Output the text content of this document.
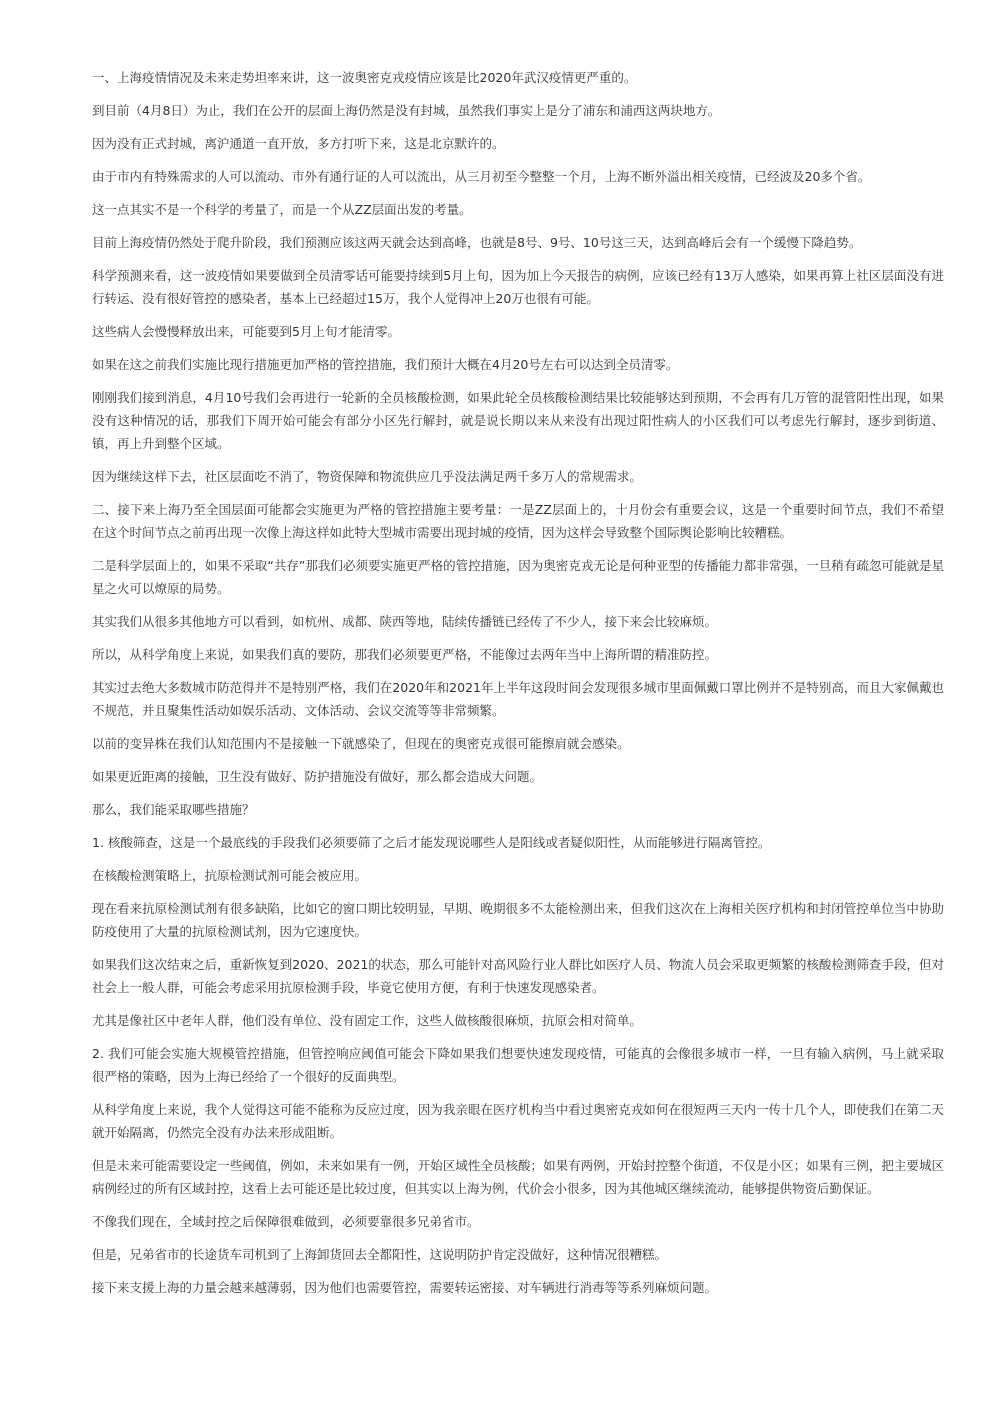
一、上海疫情情况及未来走势坦率来讲，这一波奥密克戎疫情应该是比2020年武汉疫情更严重的。

到目前（4月8日）为止，我们在公开的层面上海仍然是没有封城，虽然我们事实上是分了浦东和浦西这两块地方。

因为没有正式封城，离沪通道一直开放，多方打听下来，这是北京默许的。

由于市内有特殊需求的人可以流动、市外有通行证的人可以流出，从三月初至今整整一个月，上海不断外溢出相关疫情，已经波及20多个省。

这一点其实不是一个科学的考量了，而是一个从ZZ层面出发的考量。

目前上海疫情仍然处于爬升阶段，我们预测应该这两天就会达到高峰，也就是8号、9号、10号这三天，达到高峰后会有一个缓慢下降趋势。

科学预测来看，这一波疫情如果要做到全员清零话可能要持续到5月上旬，因为加上今天报告的病例，应该已经有13万人感染，如果再算上社区层面没有进行转运、没有很好管控的感染者，基本上已经超过15万，我个人觉得冲上20万也很有可能。

这些病人会慢慢释放出来，可能要到5月上旬才能清零。

如果在这之前我们实施比现行措施更加严格的管控措施，我们预计大概在4月20号左右可以达到全员清零。

刚刚我们接到消息，4月10号我们会再进行一轮新的全员核酸检测，如果此轮全员核酸检测结果比较能够达到预期，不会再有几万管的混管阳性出现，如果没有这种情况的话，那我们下周开始可能会有部分小区先行解封，就是说长期以来从来没有出现过阳性病人的小区我们可以考虑先行解封，逐步到街道、镇，再上升到整个区域。

因为继续这样下去，社区层面吃不消了，物资保障和物流供应几乎没法满足两千多万人的常规需求。

二、接下来上海乃至全国层面可能都会实施更为严格的管控措施主要考量：一是ZZ层面上的，十月份会有重要会议，这是一个重要时间节点，我们不希望在这个时间节点之前再出现一次像上海这样如此特大型城市需要出现封城的疫情，因为这样会导致整个国际舆论影响比较糟糕。

二是科学层面上的，如果不采取“共存”那我们必须要实施更严格的管控措施，因为奥密克戎无论是何种亚型的传播能力都非常强，一旦稍有疏忽可能就是星星之火可以燎原的局势。

其实我们从很多其他地方可以看到，如杭州、成都、陕西等地，陆续传播链已经传了不少人，接下来会比较麻烦。

所以，从科学角度上来说，如果我们真的要防，那我们必须要更严格，不能像过去两年当中上海所谓的精准防控。

其实过去绝大多数城市防范得并不是特别严格，我们在2020年和2021年上半年这段时间会发现很多城市里面佩戴口罩比例并不是特别高，而且大家佩戴也不规范，并且聚集性活动如娱乐活动、文体活动、会议交流等等非常频繁。

以前的变异株在我们认知范围内不是接触一下就感染了，但现在的奥密克戎很可能擦肩就会感染。

如果更近距离的接触，卫生没有做好、防护措施没有做好，那么都会造成大问题。

那么，我们能采取哪些措施？

1. 核酸筛查，这是一个最底线的手段我们必须要筛了之后才能发现说哪些人是阳线或者疑似阳性，从而能够进行隔离管控。

在核酸检测策略上，抗原检测试剂可能会被应用。

现在看来抗原检测试剂有很多缺陷，比如它的窗口期比较明显，早期、晚期很多不太能检测出来，但我们这次在上海相关医疗机构和封闭管控单位当中协助防疫使用了大量的抗原检测试剂，因为它速度快。

如果我们这次结束之后，重新恢复到2020、2021的状态，那么可能针对高风险行业人群比如医疗人员、物流人员会采取更频繁的核酸检测筛查手段，但对社会上一般人群，可能会考虑采用抗原检测手段，毕竟它使用方便，有利于快速发现感染者。

尤其是像社区中老年人群，他们没有单位、没有固定工作，这些人做核酸很麻烦，抗原会相对简单。

2. 我们可能会实施大规模管控措施，但管控响应阈值可能会下降如果我们想要快速发现疫情，可能真的会像很多城市一样，一旦有输入病例，马上就采取很严格的策略，因为上海已经给了一个很好的反面典型。

从科学角度上来说，我个人觉得这可能不能称为反应过度，因为我亲眼在医疗机构当中看过奥密克戎如何在很短两三天内一传十几个人，即使我们在第二天就开始隔离，仍然完全没有办法来形成阻断。

但是未来可能需要设定一些阈值，例如，未来如果有一例，开始区域性全员核酸；如果有两例，开始封控整个街道，不仅是小区；如果有三例，把主要城区病例经过的所有区域封控，这看上去可能还是比较过度，但其实以上海为例，代价会小很多，因为其他城区继续流动，能够提供物资后勤保证。

不像我们现在，全域封控之后保障很难做到，必须要靠很多兄弟省市。

但是，兄弟省市的长途货车司机到了上海卸货回去全都阳性，这说明防护肯定没做好，这种情况很糟糕。

接下来支援上海的力量会越来越薄弱，因为他们也需要管控，需要转运密接、对车辆进行消毒等等系列麻烦问题。
